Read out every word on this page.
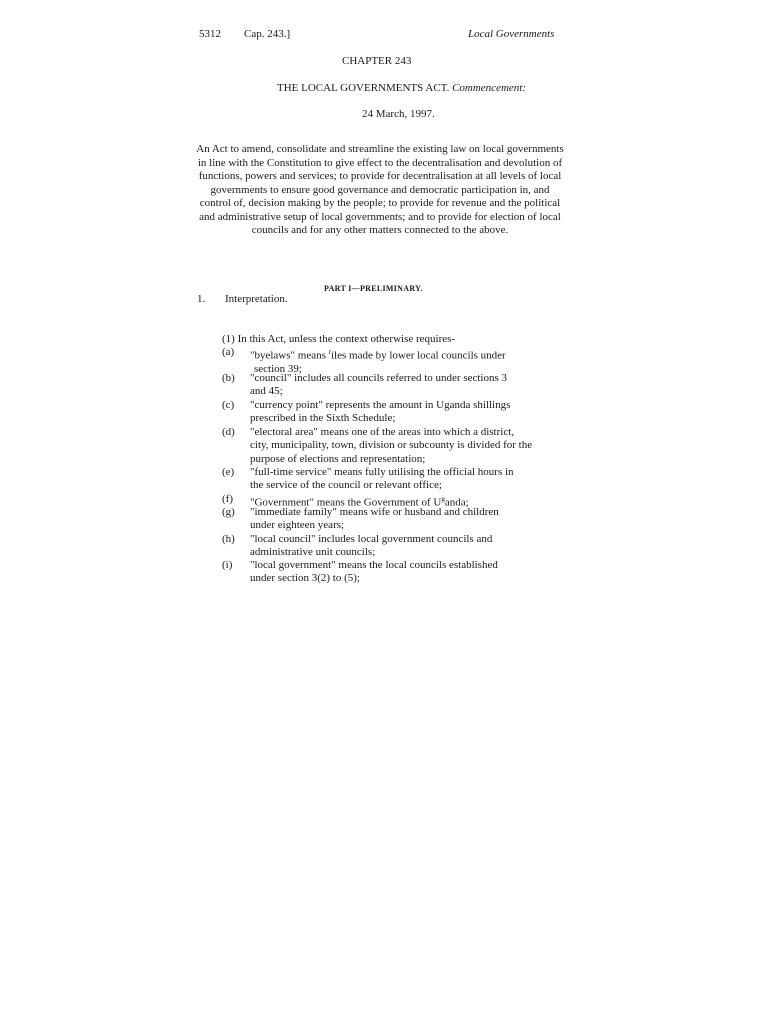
5312 Cap. 243.]	Local Governments
CHAPTER 243
THE LOCAL GOVERNMENTS ACT. Commencement:
24 March, 1997.
An Act to amend, consolidate and streamline the existing law on local governments in line with the Constitution to give effect to the decentralisation and devolution of functions, powers and services; to provide for decentralisation at all levels of local governments to ensure good governance and democratic participation in, and control of, decision making by the people; to provide for revenue and the political and administrative setup of local governments; and to provide for election of local councils and for any other matters connected to the above.
PART I—PRELIMINARY.
1. Interpretation.
(1) In this Act, unless the context otherwise requires-
(a) "byelaws" means $^r$iles made by lower local councils under
section 39;
(b) "council" includes all councils referred to under sections 3
and 45;
(c) "currency point" represents the amount in Uganda shillings
prescribed in the Sixth Schedule;
(d) "electoral area" means one of the areas into which a district,
city, municipality, town, division or subcounty is divided for the
purpose of elections and representation;
(e) "full-time service" means fully utilising the official hours in
the service of the council or relevant office;
(f) "Government" means the Government of $U^ganda$;
(g) "immediate family" means wife or husband and children
under eighteen years;
(h) "local council" includes local government councils and
administrative unit councils;
(i) "local government" means the local councils established
under section 3(2) to (5);
